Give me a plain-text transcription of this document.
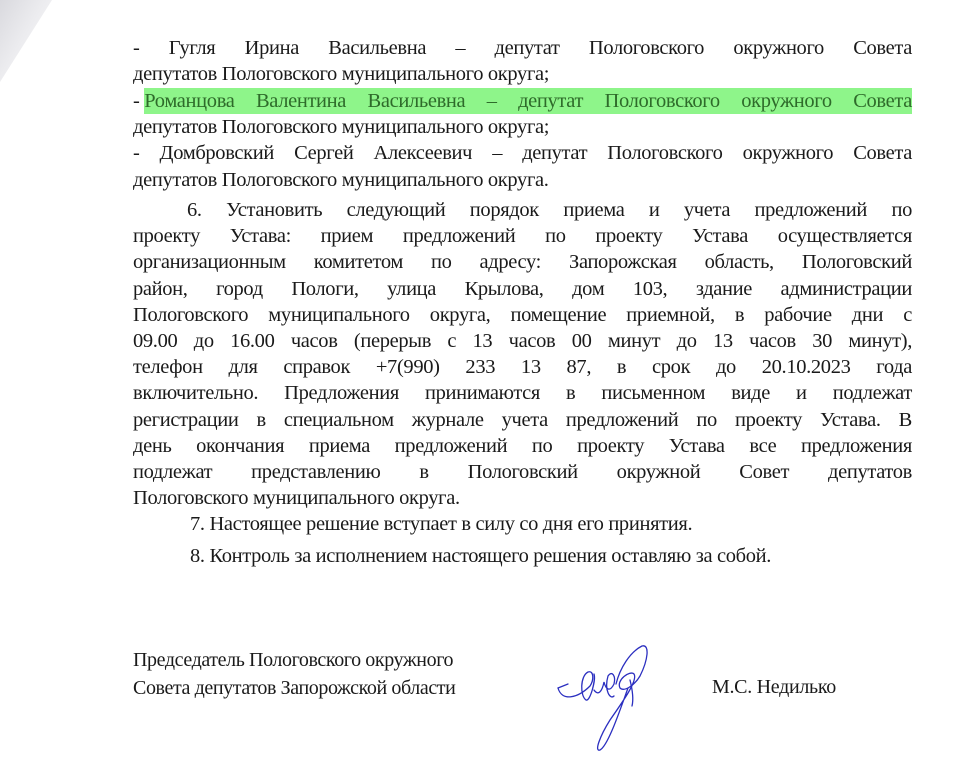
- Гугля Ирина Васильевна – депутат Пологовского окружного Совета
депутатов Пологовского муниципального округа;
- Романцова Валентина Васильевна – депутат Пологовского окружного Совета
депутатов Пологовского муниципального округа;
- Домбровский Сергей Алексеевич – депутат Пологовского окружного Совета
депутатов Пологовского муниципального округа.
6. Установить следующий порядок приема и учета предложений по
проекту Устава: прием предложений по проекту Устава осуществляется
организационным комитетом по адресу: Запорожская область, Пологовский
район, город Пологи, улица Крылова, дом 103, здание администрации
Пологовского муниципального округа, помещение приемной, в рабочие дни с
09.00 до 16.00 часов (перерыв с 13 часов 00 минут до 13 часов 30 минут),
телефон для справок +7(990) 233 13 87, в срок до 20.10.2023 года
включительно. Предложения принимаются в письменном виде и подлежат
регистрации в специальном журнале учета предложений по проекту Устава. В
день окончания приема предложений по проекту Устава все предложения
подлежат представлению в Пологовский окружной Совет депутатов
Пологовского муниципального округа.
7. Настоящее решение вступает в силу со дня его принятия.
8. Контроль за исполнением настоящего решения оставляю за собой.
Председатель Пологовского окружного
Совета депутатов Запорожской области	М.С. Недилько
